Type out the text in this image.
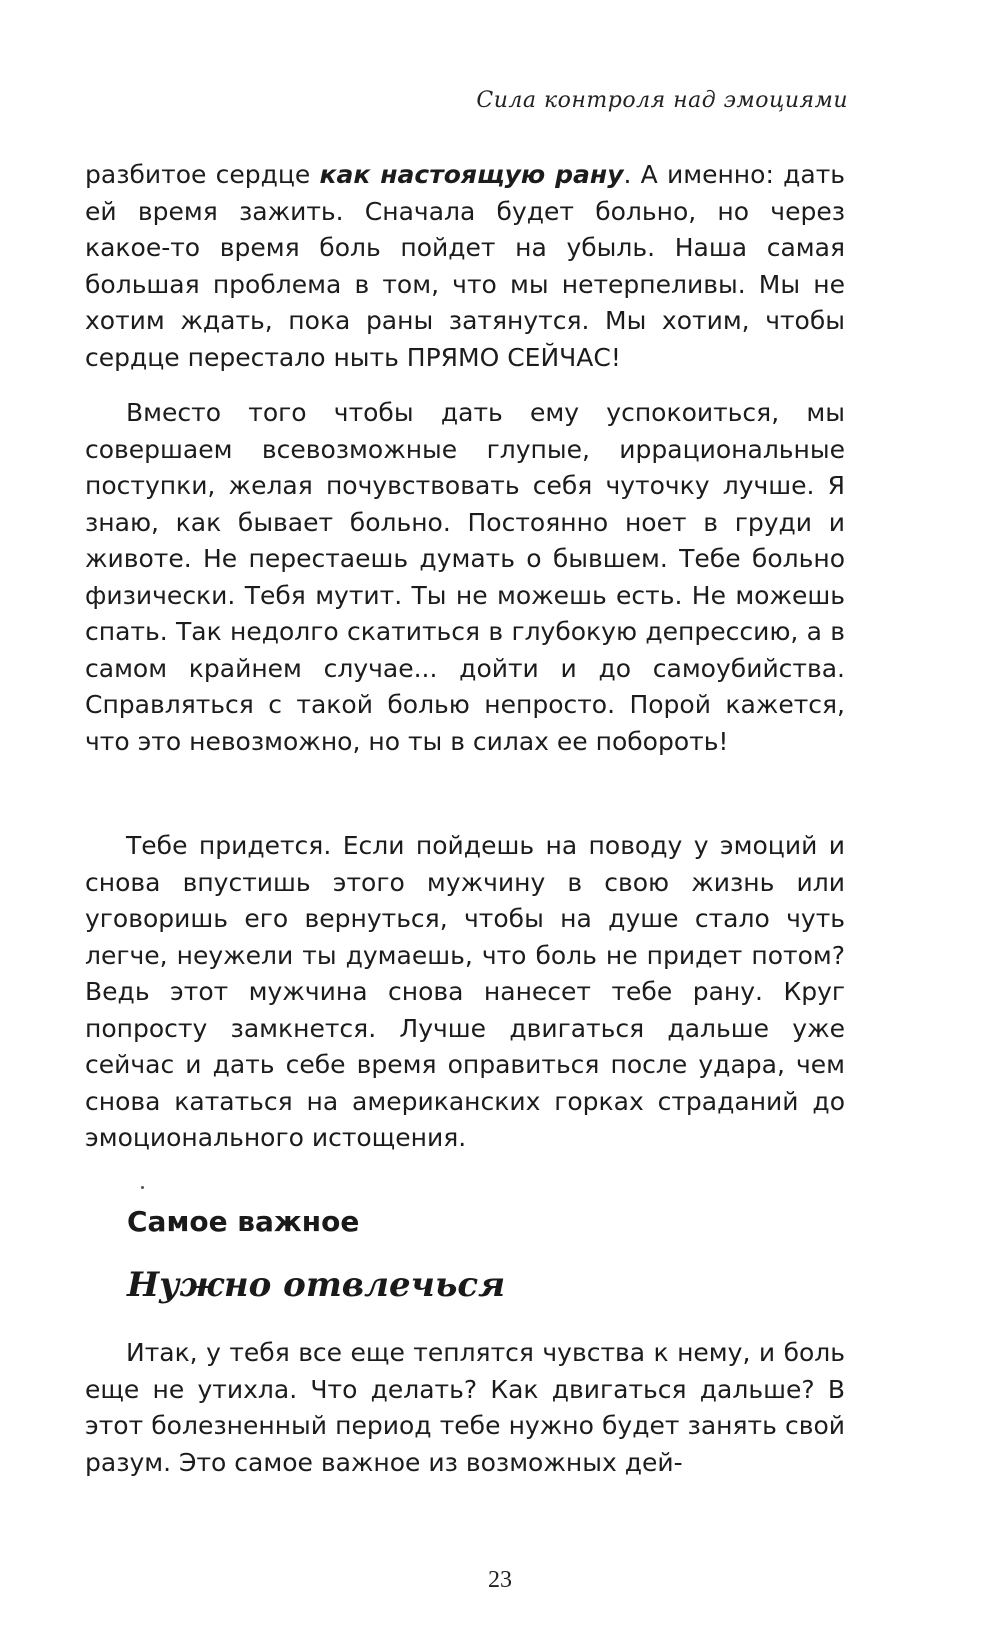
Сила контроля над эмоциями

разбитое сердце как настоящую рану. А именно: дать ей время зажить. Сначала будет больно, но через какое-то время боль пойдет на убыль. Наша самая большая проблема в том, что мы нетерпеливы. Мы не хотим ждать, пока раны затянутся. Мы хотим, чтобы сердце перестало ныть ПРЯМО СЕЙЧАС!

Вместо того чтобы дать ему успокоиться, мы совершаем всевозможные глупые, иррациональные поступки, желая почувствовать себя чуточку лучше. Я знаю, как бывает больно. Постоянно ноет в груди и животе. Не перестаешь думать о бывшем. Тебе больно физически. Тебя мутит. Ты не можешь есть. Не можешь спать. Так недолго скатиться в глубокую депрессию, а в самом крайнем случае... дойти и до самоубийства. Справляться с такой болью непросто. Порой кажется, что это невозможно, но ты в силах ее побороть!

Тебе придется. Если пойдешь на поводу у эмоций и снова впустишь этого мужчину в свою жизнь или уговоришь его вернуться, чтобы на душе стало чуть легче, неужели ты думаешь, что боль не придет потом? Ведь этот мужчина снова нанесет тебе рану. Круг попросту замкнется. Лучше двигаться дальше уже сейчас и дать себе время оправиться после удара, чем снова кататься на американских горках страданий до эмоционального истощения.

Самое важное
Нужно отвлечься

Итак, у тебя все еще теплятся чувства к нему, и боль еще не утихла. Что делать? Как двигаться дальше? В этот болезненный период тебе нужно будет занять свой разум. Это самое важное из возможных дей-

23
